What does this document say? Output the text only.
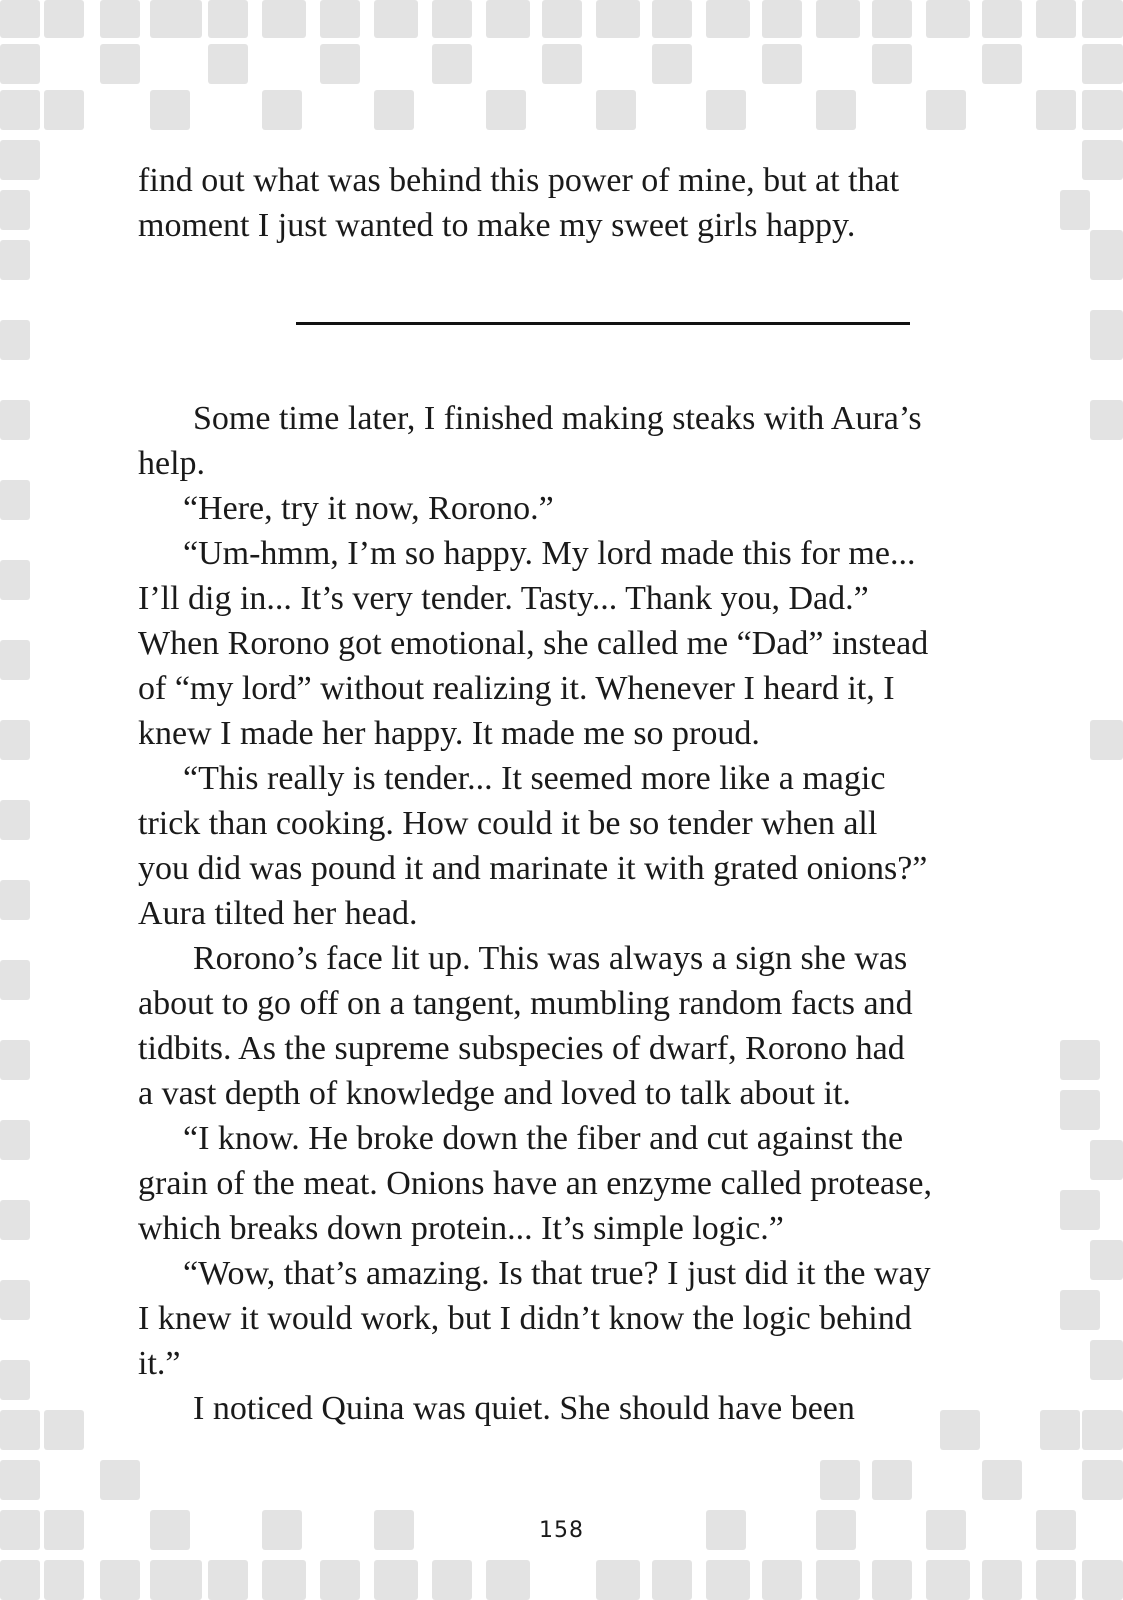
find out what was behind this power of mine, but at that
moment I just wanted to make my sweet girls happy.
Some time later, I finished making steaks with Aura’s
help.
“Here, try it now, Rorono.”
“Um-hmm, I’m so happy. My lord made this for me...
I’ll dig in... It’s very tender. Tasty... Thank you, Dad.”
When Rorono got emotional, she called me “Dad” instead
of “my lord” without realizing it. Whenever I heard it, I
knew I made her happy. It made me so proud.
“This really is tender... It seemed more like a magic
trick than cooking. How could it be so tender when all
you did was pound it and marinate it with grated onions?”
Aura tilted her head.
Rorono’s face lit up. This was always a sign she was
about to go off on a tangent, mumbling random facts and
tidbits. As the supreme subspecies of dwarf, Rorono had
a vast depth of knowledge and loved to talk about it.
“I know. He broke down the fiber and cut against the
grain of the meat. Onions have an enzyme called protease,
which breaks down protein... It’s simple logic.”
“Wow, that’s amazing. Is that true? I just did it the way
I knew it would work, but I didn’t know the logic behind
it.”
I noticed Quina was quiet. She should have been
158
